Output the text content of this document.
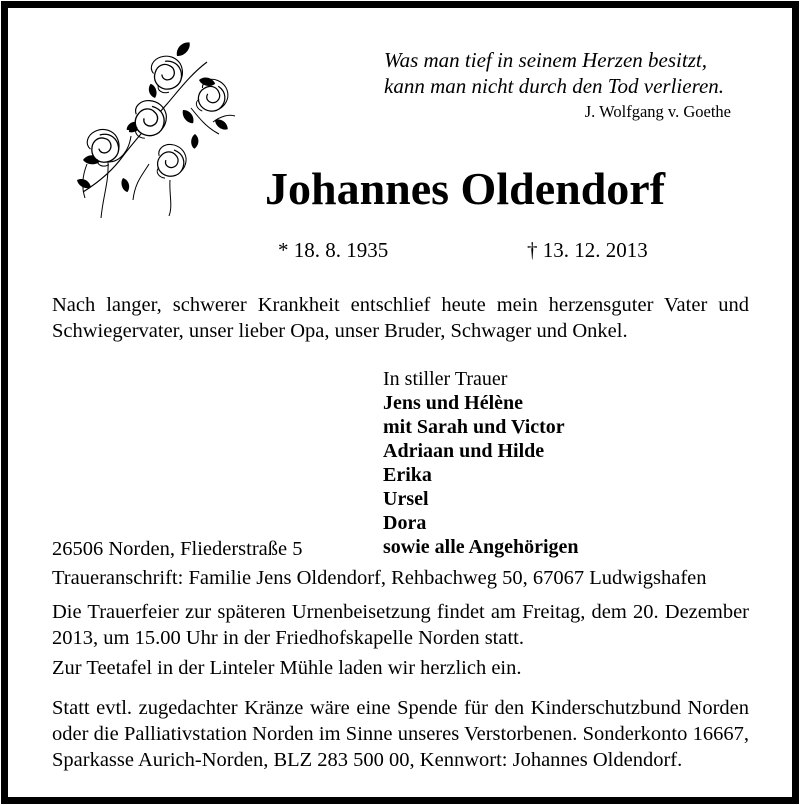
Was man tief in seinem Herzen besitzt,
kann man nicht durch den Tod verlieren.
J. Wolfgang v. Goethe
Johannes Oldendorf
* 18. 8. 1935	† 13. 12. 2013
Nach langer, schwerer Krankheit entschlief heute mein herzensguter Vater und Schwiegervater, unser lieber Opa, unser Bruder, Schwager und Onkel.
In stiller Trauer
Jens und Hélène
mit Sarah und Victor
Adriaan und Hilde
Erika
Ursel
Dora
sowie alle Angehörigen
26506 Norden, Fliederstraße 5
Traueranschrift: Familie Jens Oldendorf, Rehbachweg 50, 67067 Ludwigshafen
Die Trauerfeier zur späteren Urnenbeisetzung findet am Freitag, dem 20. Dezember 2013, um 15.00 Uhr in der Friedhofskapelle Norden statt.
Zur Teetafel in der Linteler Mühle laden wir herzlich ein.
Statt evtl. zugedachter Kränze wäre eine Spende für den Kinderschutzbund Norden oder die Palliativstation Norden im Sinne unseres Verstorbenen. Sonderkonto 16667, Sparkasse Aurich-Norden, BLZ 283 500 00, Kennwort: Johannes Oldendorf.
